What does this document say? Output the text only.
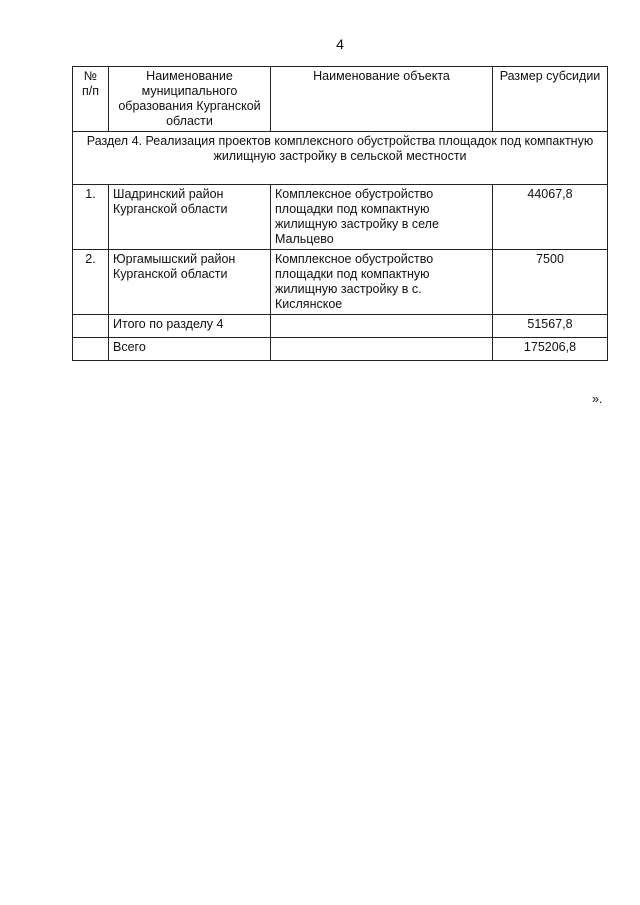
4
№ п/п	Наименование муниципального образования Курганской области	Наименование объекта	Размер субсидии
Раздел 4. Реализация проектов комплексного обустройства площадок под компактную жилищную застройку в сельской местности			
1.	Шадринский район Курганской области	Комплексное обустройство площадки под компактную жилищную застройку в селе Мальцево	44067,8
2.	Юргамышский район Курганской области	Комплексное обустройство площадки под компактную жилищную застройку в с. Кислянское	7500
	Итого по разделу 4		51567,8
	Всего		175206,8
».
